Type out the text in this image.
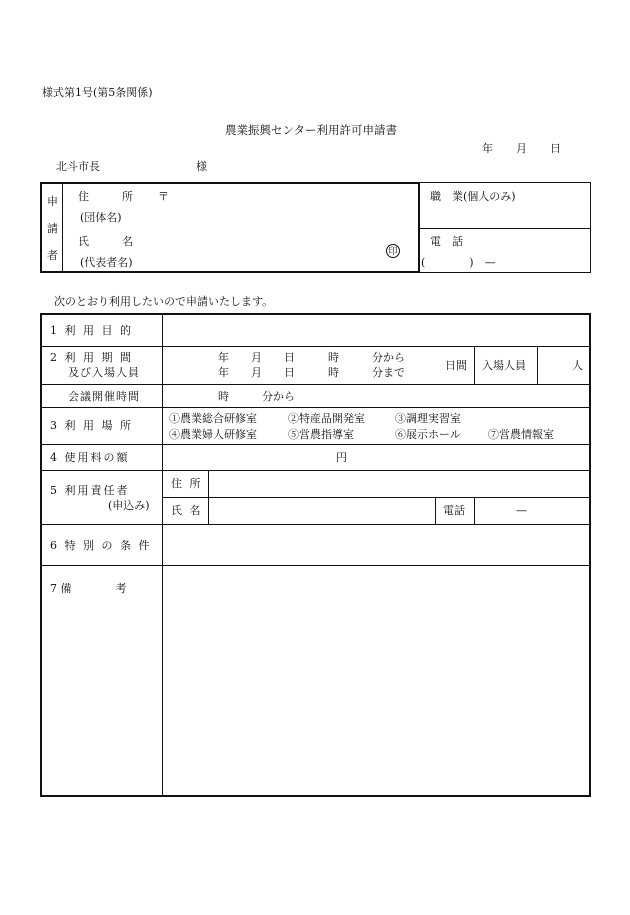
様式第1号(第5条関係)
農業振興センター利用許可申請書
年 月 日
北斗市長	様
申
請
者
住　　　所 〒
(団体名)
氏　　　名
(代表者名)
印
職　業(個人のみ)
電　話
(　　　　)　—
次のとおり利用したいので申請いたします。
1 利 用 目 的
2 利 用 期 間
及び入場人員
年　　月　　日　　　時　　　分から
年　　月　　日　　　時　　　分まで
日間 入場人員	人
会議開催時間	時　　　分から
3 利 用 場 所
①農業総合研修室	②特産品開発室	③調理実習室
④農業婦人研修室	⑤営農指導室	⑥展示ホール ⑦営農情報室
4 使用料の額	円
5 利用責任者
(申込み)
住 所
氏 名	電話	—
6 特 別 の 条 件
7 備　　　　考
